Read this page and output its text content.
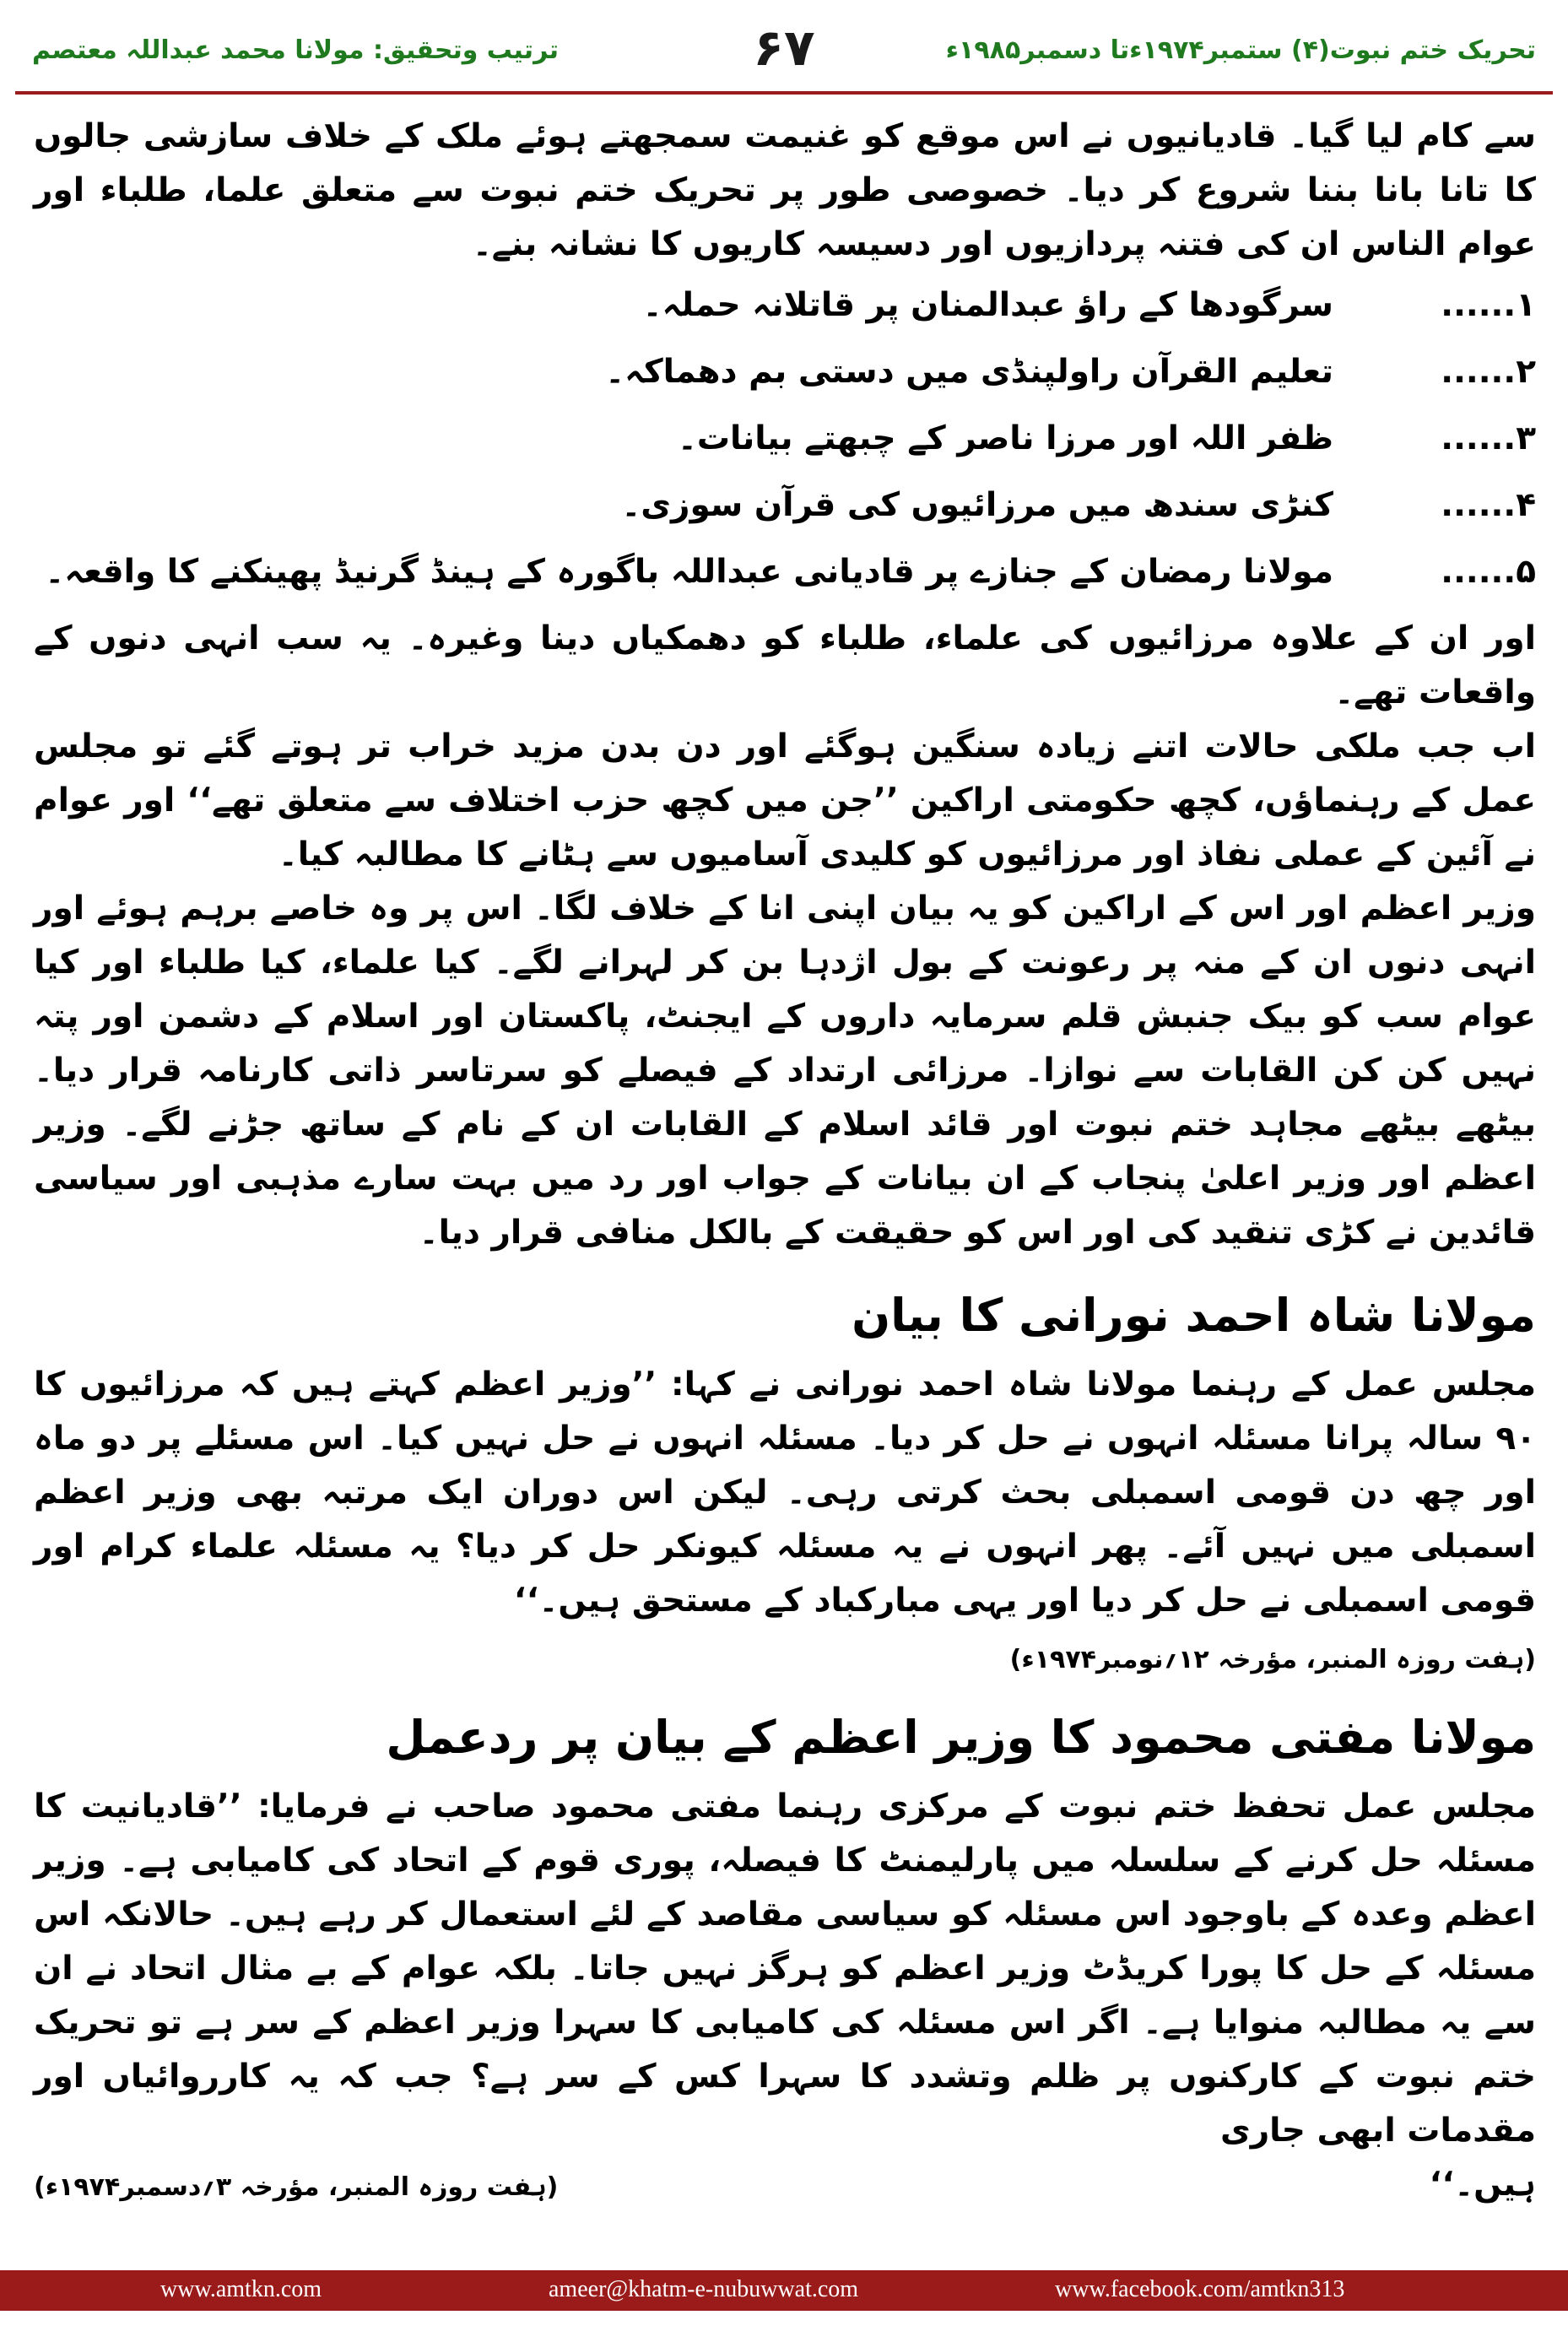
ترتیب وتحقیق: مولانا محمد عبداللہ معتصم	۶۷	تحریک ختم نبوت(۴) ستمبر۱۹۷۴ءتا دسمبر۱۹۸۵ء

سے کام لیا گیا۔ قادیانیوں نے اس موقع کو غنیمت سمجھتے ہوئے ملک کے خلاف سازشی جالوں کا تانا بانا بننا شروع کر دیا۔ خصوصی طور پر تحریک ختم نبوت سے متعلق علما، طلباء اور عوام الناس ان کی فتنہ پردازیوں اور دسیسہ کاریوں کا نشانہ بنے۔

۱......
سرگودھا کے راؤ عبدالمنان پر قاتلانہ حملہ۔
۲......
تعلیم القرآن راولپنڈی میں دستی بم دھماکہ۔
۳......
ظفر اللہ اور مرزا ناصر کے چبھتے بیانات۔
۴......
کنڑی سندھ میں مرزائیوں کی قرآن سوزی۔
۵......
مولانا رمضان کے جنازے پر قادیانی عبداللہ باگورہ کے ہینڈ گرنیڈ پھینکنے کا واقعہ۔

اور ان کے علاوہ مرزائیوں کی علماء، طلباء کو دھمکیاں دینا وغیرہ۔ یہ سب انہی دنوں کے واقعات تھے۔

اب جب ملکی حالات اتنے زیادہ سنگین ہوگئے اور دن بدن مزید خراب تر ہوتے گئے تو مجلس عمل کے رہنماؤں، کچھ حکومتی اراکین ’’جن میں کچھ حزب اختلاف سے متعلق تھے‘‘ اور عوام نے آئین کے عملی نفاذ اور مرزائیوں کو کلیدی آسامیوں سے ہٹانے کا مطالبہ کیا۔

وزیر اعظم اور اس کے اراکین کو یہ بیان اپنی انا کے خلاف لگا۔ اس پر وہ خاصے برہم ہوئے اور انہی دنوں ان کے منہ پر رعونت کے بول اژدہا بن کر لہرانے لگے۔ کیا علماء، کیا طلباء اور کیا عوام سب کو بیک جنبش قلم سرمایہ داروں کے ایجنٹ، پاکستان اور اسلام کے دشمن اور پتہ نہیں کن کن القابات سے نوازا۔ مرزائی ارتداد کے فیصلے کو سرتاسر ذاتی کارنامہ قرار دیا۔ بیٹھے بیٹھے مجاہد ختم نبوت اور قائد اسلام کے القابات ان کے نام کے ساتھ جڑنے لگے۔ وزیر اعظم اور وزیر اعلیٰ پنجاب کے ان بیانات کے جواب اور رد میں بہت سارے مذہبی اور سیاسی قائدین نے کڑی تنقید کی اور اس کو حقیقت کے بالکل منافی قرار دیا۔

مولانا شاہ احمد نورانی کا بیان

مجلس عمل کے رہنما مولانا شاہ احمد نورانی نے کہا: ’’وزیر اعظم کہتے ہیں کہ مرزائیوں کا ۹۰ سالہ پرانا مسئلہ انہوں نے حل کر دیا۔ مسئلہ انہوں نے حل نہیں کیا۔ اس مسئلے پر دو ماہ اور چھ دن قومی اسمبلی بحث کرتی رہی۔ لیکن اس دوران ایک مرتبہ بھی وزیر اعظم اسمبلی میں نہیں آئے۔ پھر انہوں نے یہ مسئلہ کیونکر حل کر دیا؟ یہ مسئلہ علماء کرام اور قومی اسمبلی نے حل کر دیا اور یہی مبارکباد کے مستحق ہیں۔‘‘

(ہفت روزہ المنبر، مؤرخہ ۱۲؍نومبر۱۹۷۴ء)
مولانا مفتی محمود کا وزیر اعظم کے بیان پر ردعمل

مجلس عمل تحفظ ختم نبوت کے مرکزی رہنما مفتی محمود صاحب نے فرمایا: ’’قادیانیت کا مسئلہ حل کرنے کے سلسلہ میں پارلیمنٹ کا فیصلہ، پوری قوم کے اتحاد کی کامیابی ہے۔ وزیر اعظم وعدہ کے باوجود اس مسئلہ کو سیاسی مقاصد کے لئے استعمال کر رہے ہیں۔ حالانکہ اس مسئلہ کے حل کا پورا کریڈٹ وزیر اعظم کو ہرگز نہیں جاتا۔ بلکہ عوام کے بے مثال اتحاد نے ان سے یہ مطالبہ منوایا ہے۔ اگر اس مسئلہ کی کامیابی کا سہرا وزیر اعظم کے سر ہے تو تحریک ختم نبوت کے کارکنوں پر ظلم وتشدد کا سہرا کس کے سر ہے؟ جب کہ یہ کارروائیاں اور مقدمات ابھی جاری

ہیں۔‘‘
(ہفت روزہ المنبر، مؤرخہ ۳؍دسمبر۱۹۷۴ء)
www.amtkn.com	ameer@khatm-e-nubuwwat.com	www.facebook.com/amtkn313
